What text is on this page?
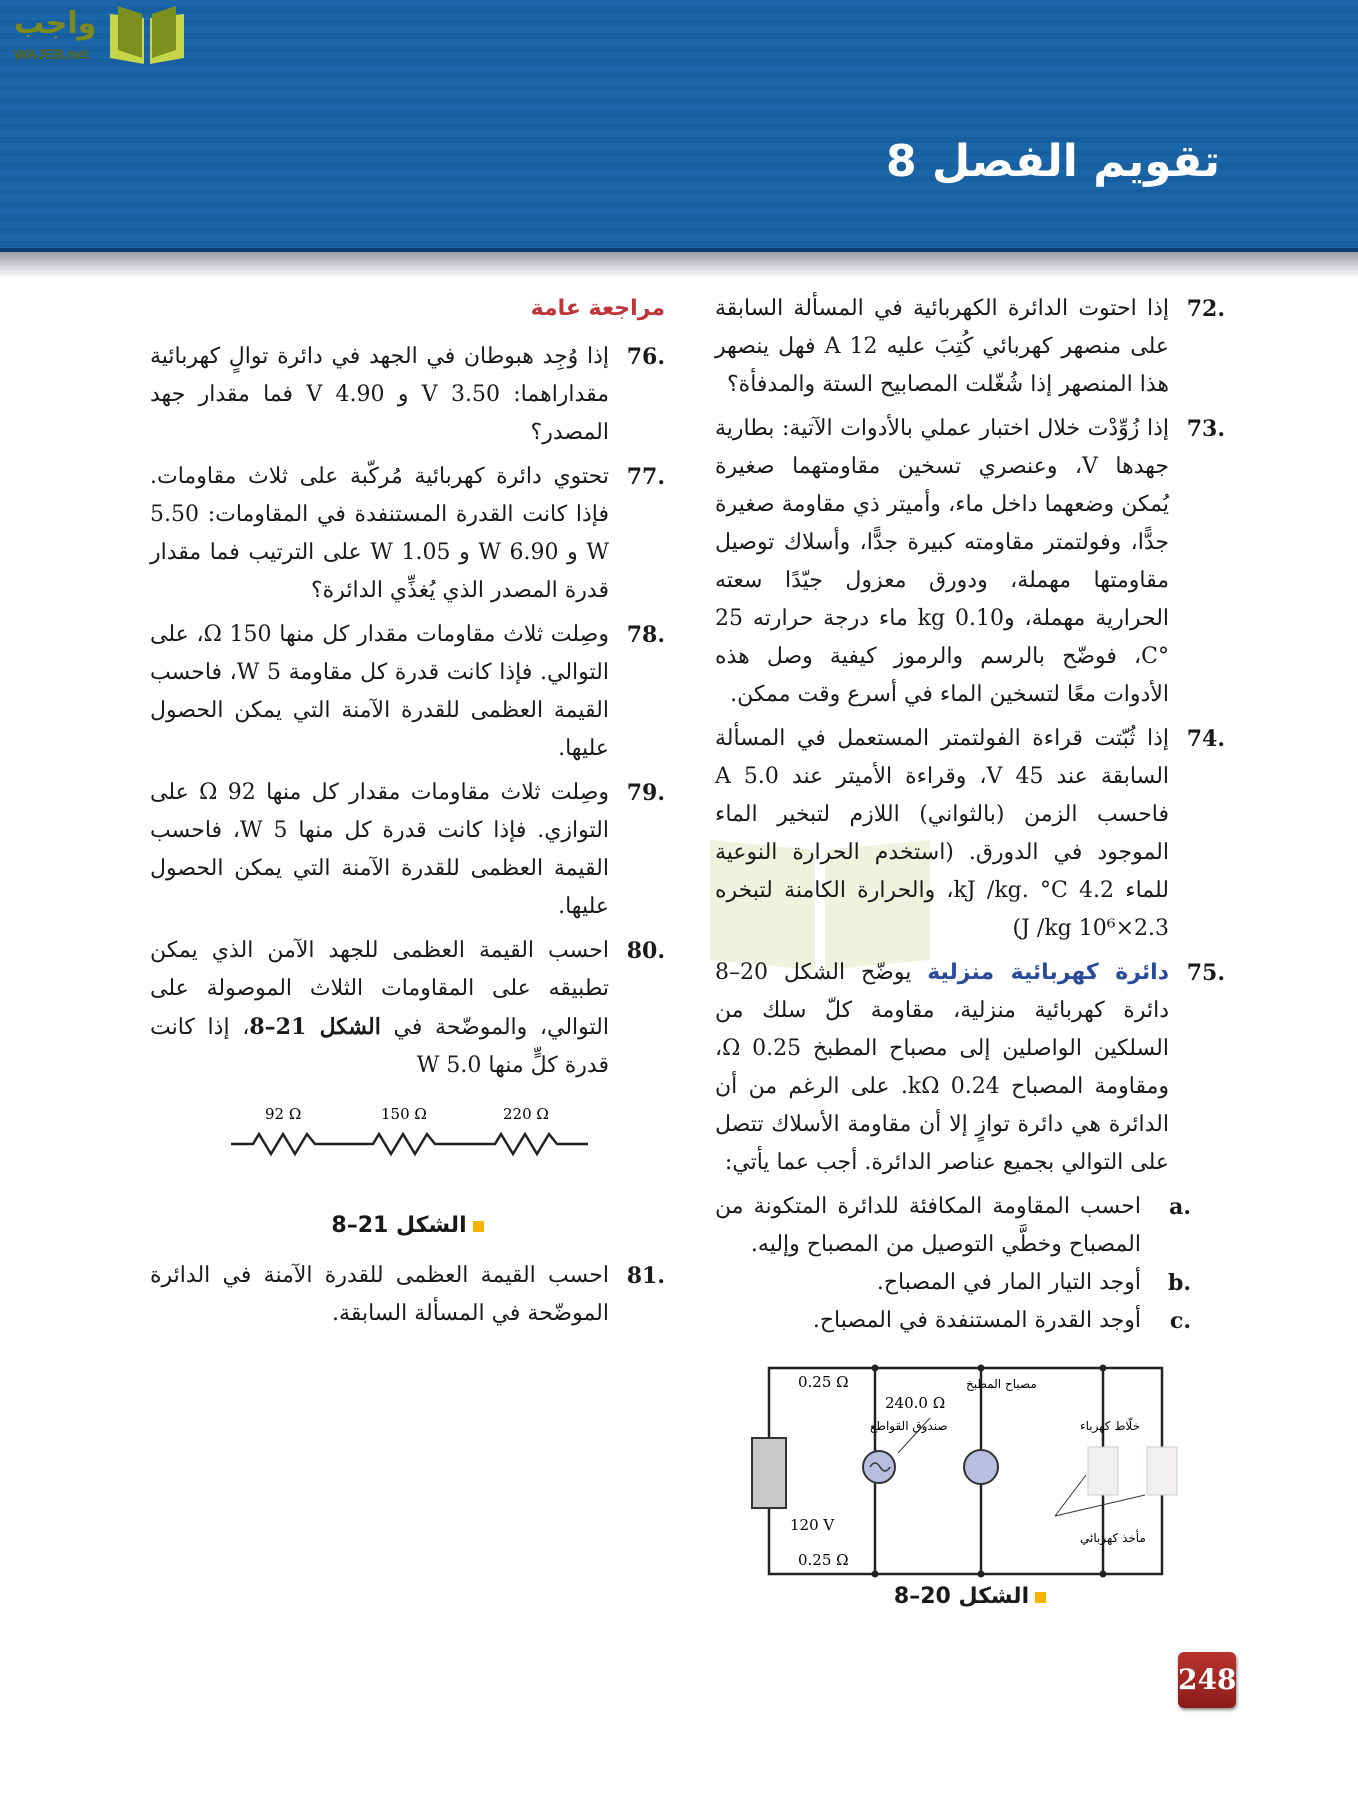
واجب
WAJEB.net
تقويم الفصل 8
.72
إذا احتوت الدائرة الكهربائية في المسألة السابقة على منصهر كهربائي كُتِبَ عليه 12 A فهل ينصهر هذا المنصهر إذا شُغّلت المصابيح الستة والمدفأة؟
.73
إذا زُوِّدْت خلال اختبار عملي بالأدوات الآتية: بطارية جهدها V، وعنصري تسخين مقاومتهما صغيرة يُمكن وضعهما داخل ماء، وأميتر ذي مقاومة صغيرة جدًّا، وفولتمتر مقاومته كبيرة جدًّا، وأسلاك توصيل مقاومتها مهملة، ودورق معزول جيّدًا سعته الحرارية مهملة، و0.10 kg ماء درجة حرارته 25 °C، فوضّح بالرسم والرموز كيفية وصل هذه الأدوات معًا لتسخين الماء في أسرع وقت ممكن.
.74
إذا ثُبّتت قراءة الفولتمتر المستعمل في المسألة السابقة عند 45 V، وقراءة الأميتر عند 5.0 A فاحسب الزمن (بالثواني) اللازم لتبخير الماء الموجود في الدورق. (استخدم الحرارة النوعية للماء 4.2 kJ /kg. °C، والحرارة الكامنة لتبخره 2.3×10⁶ J /kg)
.75
دائرة كهربائية منزلية يوضّح الشكل 20–8 دائرة كهربائية منزلية، مقاومة كلّ سلك من السلكين الواصلين إلى مصباح المطبخ 0.25 Ω، ومقاومة المصباح 0.24 kΩ. على الرغم من أن الدائرة هي دائرة توازٍ إلا أن مقاومة الأسلاك تتصل على التوالي بجميع عناصر الدائرة. أجب عما يأتي:
.a
احسب المقاومة المكافئة للدائرة المتكونة من المصباح وخطَّي التوصيل من المصباح وإليه.
.b
أوجد التيار المار في المصباح.
.c
أوجد القدرة المستنفدة في المصباح.
0.25 Ω
0.25 Ω
مصباح المطبخ
240.0 Ω
صندوق القواطع
120 V
خلّاط كهرباء
مأخذ كهربائي
الشكل 20–8
مراجعة عامة
.76
إذا وُجِد هبوطان في الجهد في دائرة توالٍ كهربائية مقداراهما: 3.50 V و 4.90 V فما مقدار جهد المصدر؟
.77
تحتوي دائرة كهربائية مُركّبة على ثلاث مقاومات. فإذا كانت القدرة المستنفدة في المقاومات: 5.50 W و 6.90 W و 1.05 W على الترتيب فما مقدار قدرة المصدر الذي يُغذِّي الدائرة؟
.78
وصِلت ثلاث مقاومات مقدار كل منها 150 Ω، على التوالي. فإذا كانت قدرة كل مقاومة 5 W، فاحسب القيمة العظمى للقدرة الآمنة التي يمكن الحصول عليها.
.79
وصِلت ثلاث مقاومات مقدار كل منها 92 Ω على التوازي. فإذا كانت قدرة كل منها 5 W، فاحسب القيمة العظمى للقدرة الآمنة التي يمكن الحصول عليها.
.80
احسب القيمة العظمى للجهد الآمن الذي يمكن تطبيقه على المقاومات الثلاث الموصولة على التوالي، والموضّحة في الشكل 21–8، إذا كانت قدرة كلٍّ منها 5.0 W
92 Ω	150 Ω	220 Ω
الشكل 21–8
.81
احسب القيمة العظمى للقدرة الآمنة في الدائرة الموضّحة في المسألة السابقة.
248
